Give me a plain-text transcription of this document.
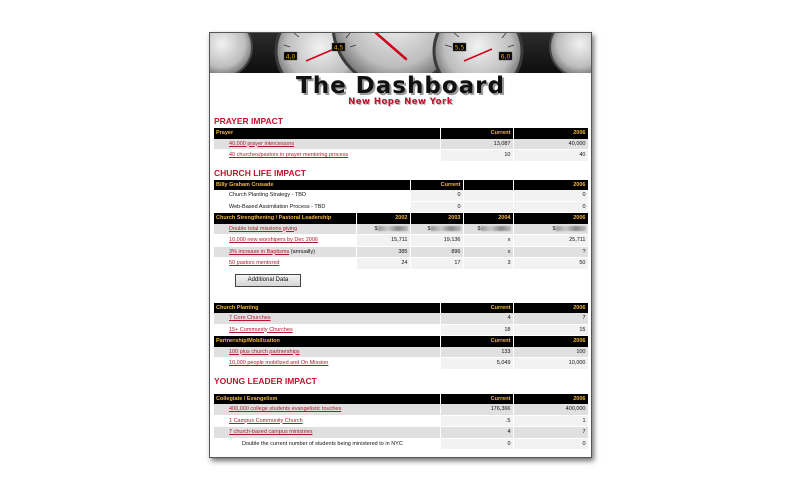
4,0
4,5	5,5
6,0
The Dashboard
New Hope New York
PRAYER IMPACT
Prayer	Current	2006
40,000 prayer intercessors	13,087	40,000
40 churches/pastors in prayer mentoring process	10	40
CHURCH LIFE IMPACT
Billy Graham Crusade	Current		2006
Church Planting Strategy - TBD	0		0
Web-Based Assimilation Process - TBD	0		0
Church Strengthening / Pastoral Leadership	2002	2003	2004	2006
Double total missions giving	$	$	$	$
10,000 new worshipers by Dec 2006	15,711	19,136	x	25,711
3% increase in Baptisms (annually)	385	896	x	?
50 pastors mentored	24	17	3	50
Additional Data
Church Planting	Current	2006
7 Core Churches	4	7
15+ Community Churches	18	15
Partnership/Mobilization	Current	2006
100 plus church partnerships	133	100
10,000 people mobilized and On Mission	5,049	10,000
YOUNG LEADER IMPACT
Collegiate / Evangelism	Current	2006
400,000 college students evangelistic touches	176,366	400,000
1 Campus Community Church	.5	1
7 church-based campus ministries	4	7
Double the current number of students being ministered to in NYC	0	0
